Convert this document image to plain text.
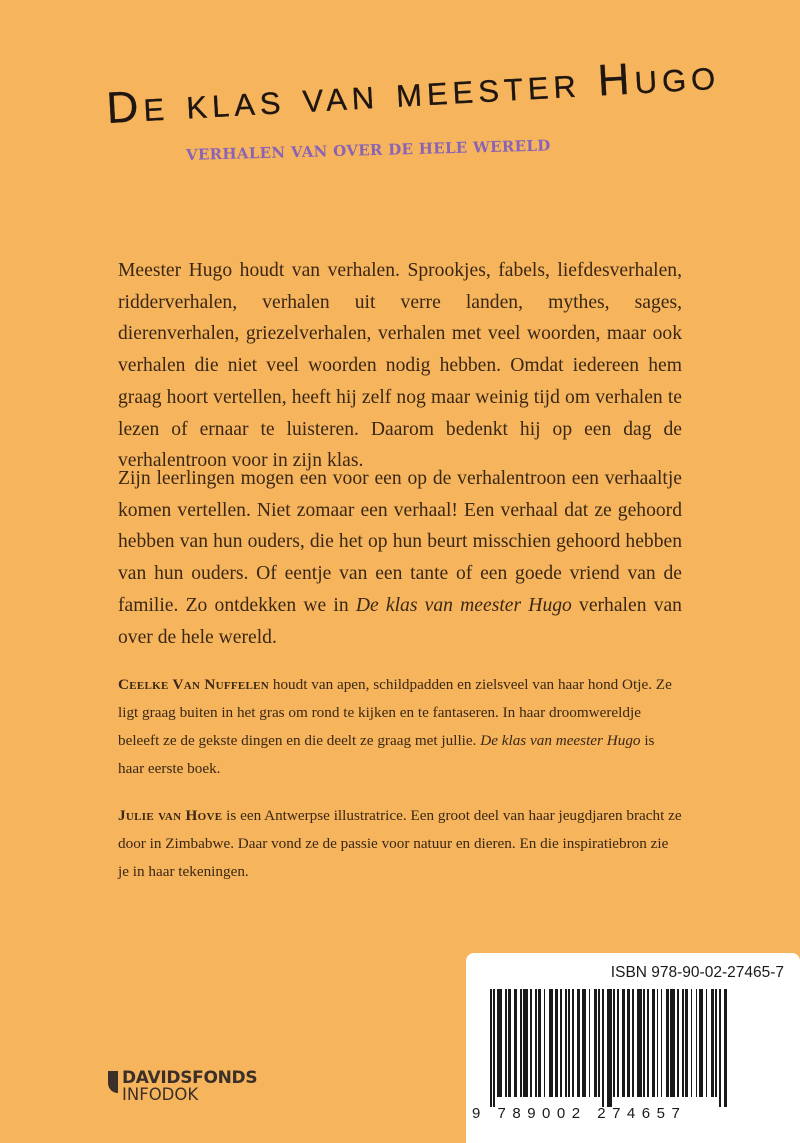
De klas van meester Hugo
VERHALEN VAN OVER DE HELE WERELD

Meester Hugo houdt van verhalen. Sprookjes, fabels, liefdesverhalen, ridderverhalen, verhalen uit verre landen, mythes, sages, dierenverhalen, griezelverhalen, verhalen met veel woorden, maar ook verhalen die niet veel woorden nodig hebben. Omdat iedereen hem graag hoort vertellen, heeft hij zelf nog maar weinig tijd om verhalen te lezen of ernaar te luisteren. Daarom bedenkt hij op een dag de verhalentroon voor in zijn klas.

Zijn leerlingen mogen een voor een op de verhalentroon een verhaaltje komen vertellen. Niet zomaar een verhaal! Een verhaal dat ze gehoord hebben van hun ouders, die het op hun beurt misschien gehoord hebben van hun ouders. Of eentje van een tante of een goede vriend van de familie. Zo ontdekken we in De klas van meester Hugo verhalen van over de hele wereld.

Ceelke Van Nuffelen houdt van apen, schildpadden en zielsveel van haar hond Otje. Ze ligt graag buiten in het gras om rond te kijken en te fantaseren. In haar droomwereldje beleeft ze de gekste dingen en die deelt ze graag met jullie. De klas van meester Hugo is haar eerste boek.

Julie van Hove is een Antwerpse illustratrice. Een groot deel van haar jeugdjaren bracht ze door in Zimbabwe. Daar vond ze de passie voor natuur en dieren. En die inspiratiebron zie je in haar tekeningen.

DAVIDSFONDS
INFODOK
ISBN 978-90-02-27465-7
9 789002 274657
